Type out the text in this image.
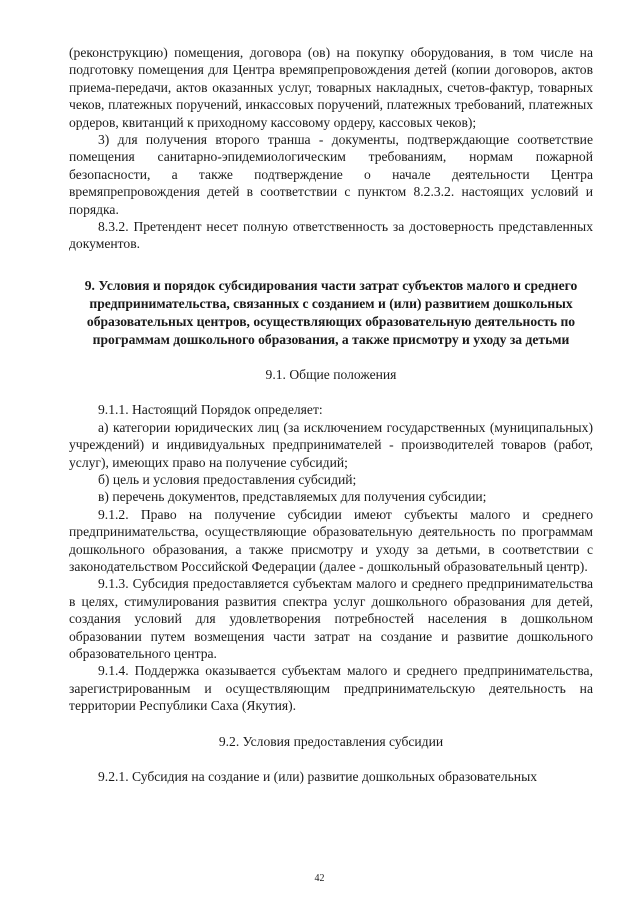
(реконструкцию) помещения, договора (ов) на покупку оборудования, в том числе на подготовку помещения для Центра времяпрепровождения детей (копии договоров, актов приема-передачи, актов оказанных услуг, товарных накладных, счетов-фактур, товарных чеков, платежных поручений, инкассовых поручений, платежных требований, платежных ордеров, квитанций к приходному кассовому ордеру, кассовых чеков);

3) для получения второго транша - документы, подтверждающие соответствие помещения санитарно-эпидемиологическим требованиям, нормам пожарной безопасности, а также подтверждение о начале деятельности Центра времяпрепровождения детей в соответствии с пунктом 8.2.3.2. настоящих условий и порядка.

8.3.2. Претендент несет полную ответственность за достоверность представленных документов.

9. Условия и порядок субсидирования части затрат субъектов малого и среднего предпринимательства, связанных с созданием и (или) развитием дошкольных образовательных центров, осуществляющих образовательную деятельность по программам дошкольного образования, а также присмотру и уходу за детьми

9.1. Общие положения

9.1.1. Настоящий Порядок определяет:

а) категории юридических лиц (за исключением государственных (муниципальных) учреждений) и индивидуальных предпринимателей - производителей товаров (работ, услуг), имеющих право на получение субсидий;

б) цель и условия предоставления субсидий;

в) перечень документов, представляемых для получения субсидии;

9.1.2. Право на получение субсидии имеют субъекты малого и среднего предпринимательства, осуществляющие образовательную деятельность по программам дошкольного образования, а также присмотру и уходу за детьми, в соответствии с законодательством Российской Федерации (далее - дошкольный образовательный центр).

9.1.3. Субсидия предоставляется субъектам малого и среднего предпринимательства в целях, стимулирования развития спектра услуг дошкольного образования для детей, создания условий для удовлетворения потребностей населения в дошкольном образовании путем возмещения части затрат на создание и развитие дошкольного образовательного центра.

9.1.4. Поддержка оказывается субъектам малого и среднего предпринимательства, зарегистрированным и осуществляющим предпринимательскую деятельность на территории Республики Саха (Якутия).

9.2. Условия предоставления субсидии

9.2.1. Субсидия на создание и (или) развитие дошкольных образовательных

42
